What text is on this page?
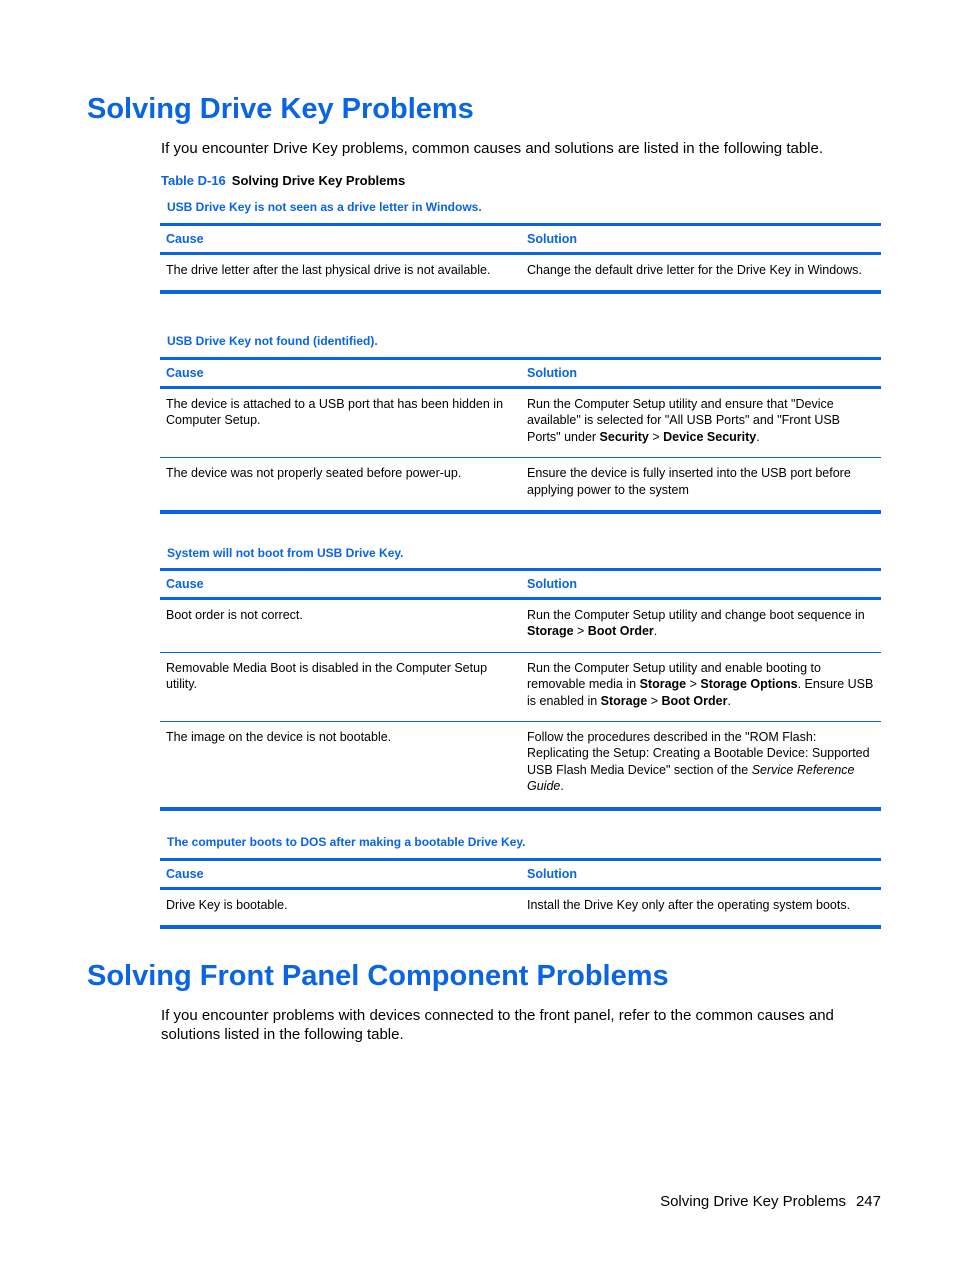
Solving Drive Key Problems

If you encounter Drive Key problems, common causes and solutions are listed in the following table.

Table D-16 Solving Drive Key Problems
USB Drive Key is not seen as a drive letter in Windows.
Cause	Solution
The drive letter after the last physical drive is not available.	Change the default drive letter for the Drive Key in Windows.
USB Drive Key not found (identified).
Cause	Solution
The device is attached to a USB port that has been hidden in Computer Setup.	Run the Computer Setup utility and ensure that "Device available" is selected for "All USB Ports" and "Front USB Ports" under Security > Device Security.
The device was not properly seated before power-up.	Ensure the device is fully inserted into the USB port before applying power to the system
System will not boot from USB Drive Key.
Cause	Solution
Boot order is not correct.	Run the Computer Setup utility and change boot sequence in Storage > Boot Order.
Removable Media Boot is disabled in the Computer Setup utility.	Run the Computer Setup utility and enable booting to removable media in Storage > Storage Options. Ensure USB is enabled in Storage > Boot Order.
The image on the device is not bootable.	Follow the procedures described in the "ROM Flash: Replicating the Setup: Creating a Bootable Device: Supported USB Flash Media Device" section of the Service Reference Guide.
The computer boots to DOS after making a bootable Drive Key.
Cause	Solution
Drive Key is bootable.	Install the Drive Key only after the operating system boots.
Solving Front Panel Component Problems

If you encounter problems with devices connected to the front panel, refer to the common causes and solutions listed in the following table.

Solving Drive Key Problems 247
